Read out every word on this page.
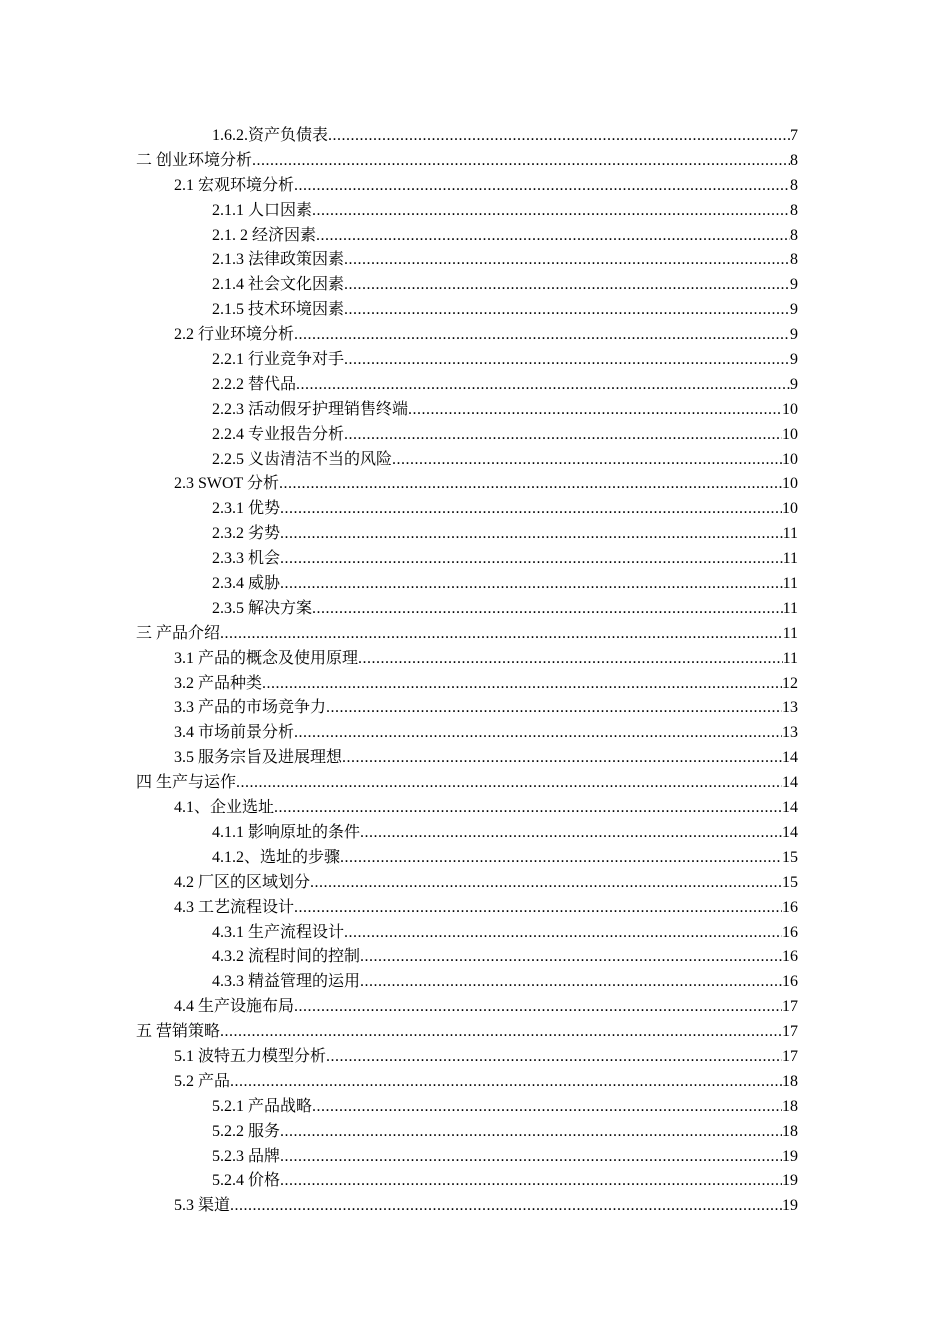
1.6.2.资产负债表 .....	7
二 创业环境分析 .....	8
2.1 宏观环境分析 .....	8
2.1.1 人口因素 .....	8
2.1. 2 经济因素 .....	8
2.1.3 法律政策因素 .....	8
2.1.4 社会文化因素 .....	9
2.1.5 技术环境因素 .....	9
2.2 行业环境分析 .....	9
2.2.1 行业竞争对手 .....	9
2.2.2 替代品 .....	9
2.2.3 活动假牙护理销售终端 .....	10
2.2.4 专业报告分析 .....	10
2.2.5 义齿清洁不当的风险 .....	10
2.3 SWOT 分析 .....	10
2.3.1 优势 .....	10
2.3.2 劣势 .....	11
2.3.3 机会 .....	11
2.3.4 威胁 .....	11
2.3.5 解决方案 .....	11
三 产品介绍 .....	11
3.1 产品的概念及使用原理 .....	11
3.2 产品种类 .....	12
3.3 产品的市场竞争力 .....	13
3.4 市场前景分析 .....	13
3.5 服务宗旨及进展理想 .....	14
四 生产与运作 .....	14
4.1、企业选址 .....	14
4.1.1 影响原址的条件 .....	14
4.1.2、选址的步骤 .....	15
4.2 厂区的区域划分 .....	15
4.3 工艺流程设计 .....	16
4.3.1 生产流程设计 .....	16
4.3.2 流程时间的控制 .....	16
4.3.3 精益管理的运用 .....	16
4.4 生产设施布局 .....	17
五 营销策略 .....	17
5.1 波特五力模型分析 .....	17
5.2 产品 .....	18
5.2.1 产品战略 .....	18
5.2.2 服务 .....	18
5.2.3 品牌 .....	19
5.2.4 价格 .....	19
5.3 渠道 .....	19
